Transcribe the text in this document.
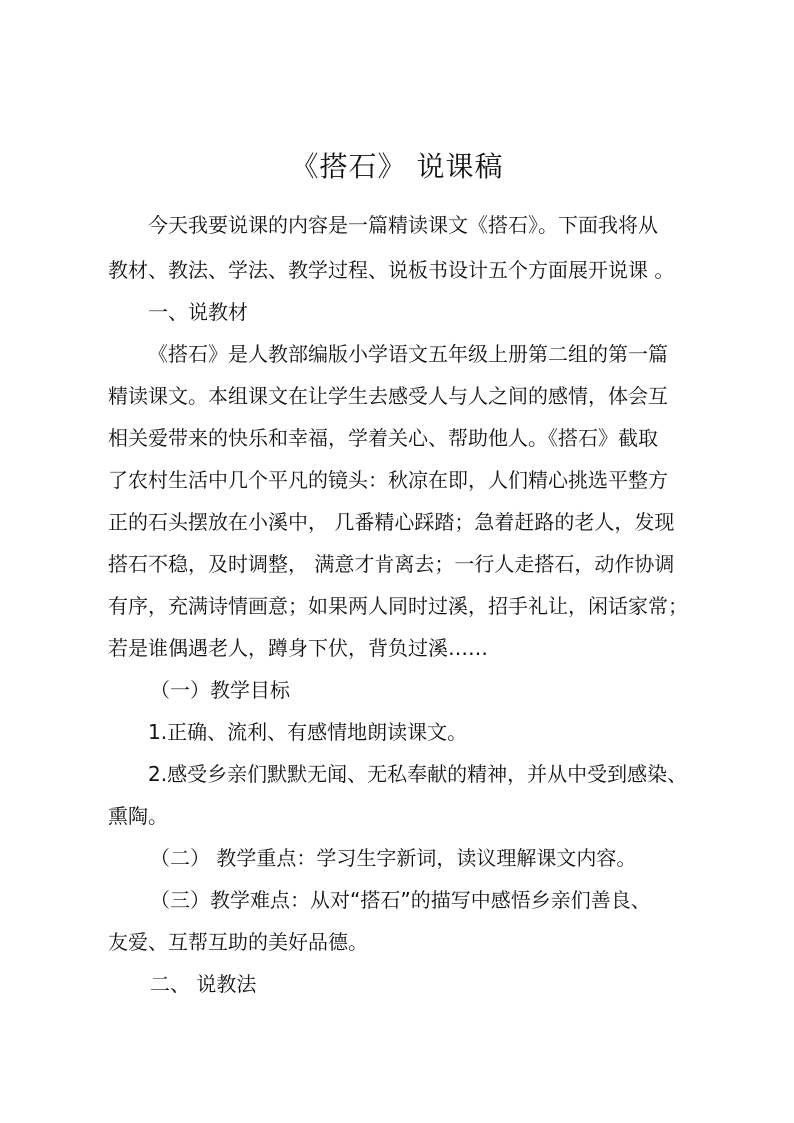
《搭石》 说课稿
今天我要说课的内容是一篇精读课文《搭石》。下面我将从
教材、教法、学法、教学过程、说板书设计五个方面展开说课 。
一、说教材
《搭石》是人教部编版小学语文五年级上册第二组的第一篇
精读课文。本组课文在让学生去感受人与人之间的感情，体会互
相关爱带来的快乐和幸福，学着关心、帮助他人。《搭石》截取
了农村生活中几个平凡的镜头：秋凉在即，人们精心挑选平整方
正的石头摆放在小溪中， 几番精心踩踏；急着赶路的老人，发现
搭石不稳，及时调整， 满意才肯离去；一行人走搭石，动作协调
有序，充满诗情画意；如果两人同时过溪，招手礼让，闲话家常；
若是谁偶遇老人，蹲身下伏，背负过溪……
（一）教学目标
1.正确、流利、有感情地朗读课文。
2.感受乡亲们默默无闻、无私奉献的精神，并从中受到感染、
熏陶。
（二） 教学重点：学习生字新词，读议理解课文内容。
（三）教学难点：从对“搭石”的描写中感悟乡亲们善良、
友爱、互帮互助的美好品德。
二、 说教法
